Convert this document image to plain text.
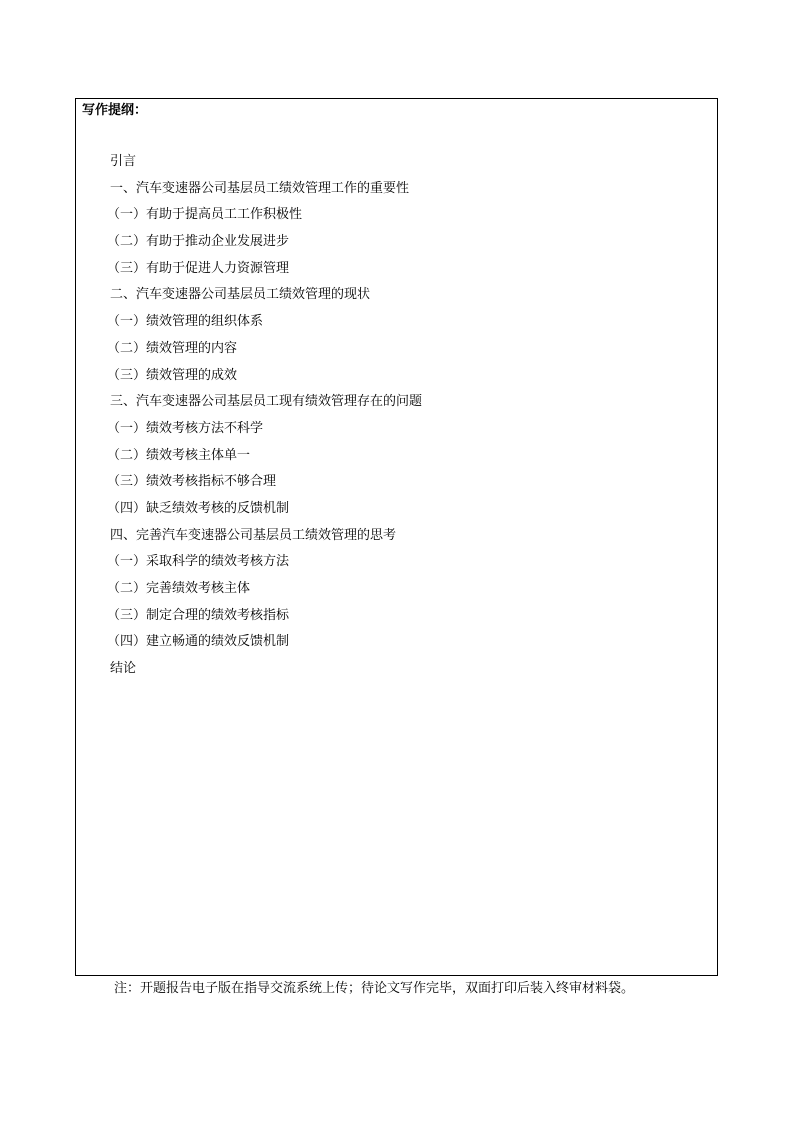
写作提纲：
引言
一、汽车变速器公司基层员工绩效管理工作的重要性
（一）有助于提高员工工作积极性
（二）有助于推动企业发展进步
（三）有助于促进人力资源管理
二、汽车变速器公司基层员工绩效管理的现状
（一）绩效管理的组织体系
（二）绩效管理的内容
（三）绩效管理的成效
三、汽车变速器公司基层员工现有绩效管理存在的问题
（一）绩效考核方法不科学
（二）绩效考核主体单一
（三）绩效考核指标不够合理
（四）缺乏绩效考核的反馈机制
四、完善汽车变速器公司基层员工绩效管理的思考
（一）采取科学的绩效考核方法
（二）完善绩效考核主体
（三）制定合理的绩效考核指标
（四）建立畅通的绩效反馈机制
结论
注：开题报告电子版在指导交流系统上传；待论文写作完毕，双面打印后装入终审材料袋。
